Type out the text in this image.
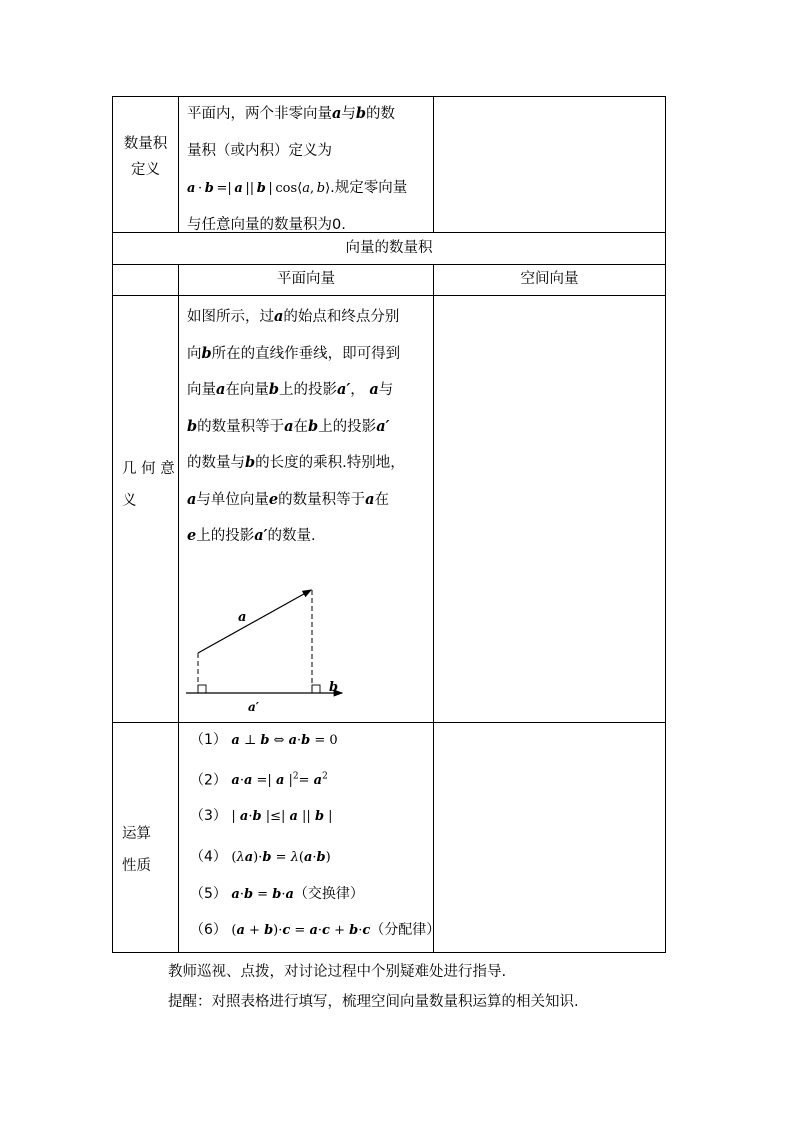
数量积
定义
平面内，两个非零向量a与b的数
量积（或内积）定义为
a · b =| a || b | cos⟨a, b⟩.规定零向量
与任意向量的数量积为0.
向量的数量积
平面向量	空间向量
几 何 意
义
如图所示，过a的始点和终点分别
向b所在的直线作垂线，即可得到
向量a在向量b上的投影a′， a与
b的数量积等于a在b上的投影a′
的数量与b的长度的乘积.特别地，
a与单位向量e的数量积等于a在
e上的投影a′的数量.
a
b
a′
运算
性质
（1） a ⊥ b ⇔ a·b = 0
（2） a·a =| a $|^2= a^2$
（3） | a·b |≤| a || b |
（4） (λa)·b = λ(a·b)
（5） a·b = b·a（交换律）
（6） (a + b)·c = a·c + b·c（分配律）
教师巡视、点拨，对讨论过程中个别疑难处进行指导.
提醒：对照表格进行填写，梳理空间向量数量积运算的相关知识.
